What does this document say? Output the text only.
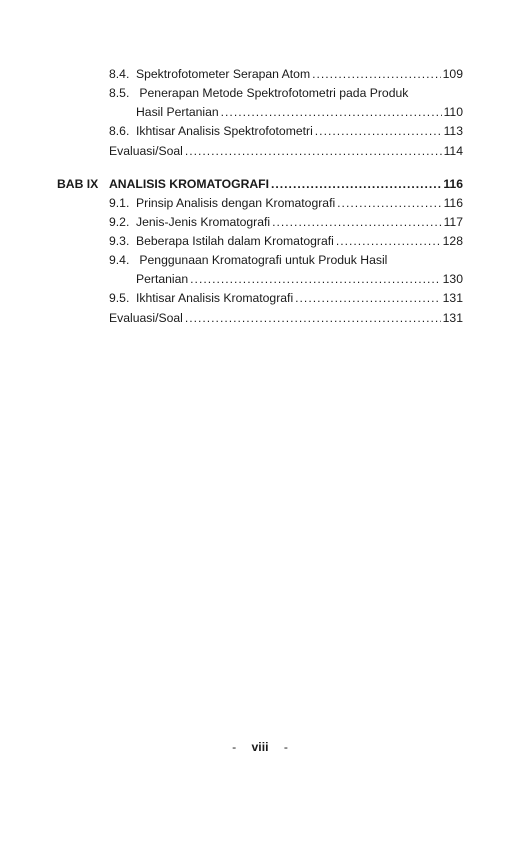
8.4. Spektrofotometer Serapan Atom .....	109
8.5. Penerapan Metode Spektrofotometri pada Produk
Hasil Pertanian .....	110
8.6. Ikhtisar Analisis Spektrofotometri .....	113
Evaluasi/Soal .....	114
BAB IX ANALISIS KROMATOGRAFI .....	116
9.1. Prinsip Analisis dengan Kromatografi .....	116
9.2. Jenis-Jenis Kromatografi .....	117
9.3. Beberapa Istilah dalam Kromatografi .....	128
9.4. Penggunaan Kromatografi untuk Produk Hasil
Pertanian .....	130
9.5. Ikhtisar Analisis Kromatografi .....	131
Evaluasi/Soal .....	131
- viii -
